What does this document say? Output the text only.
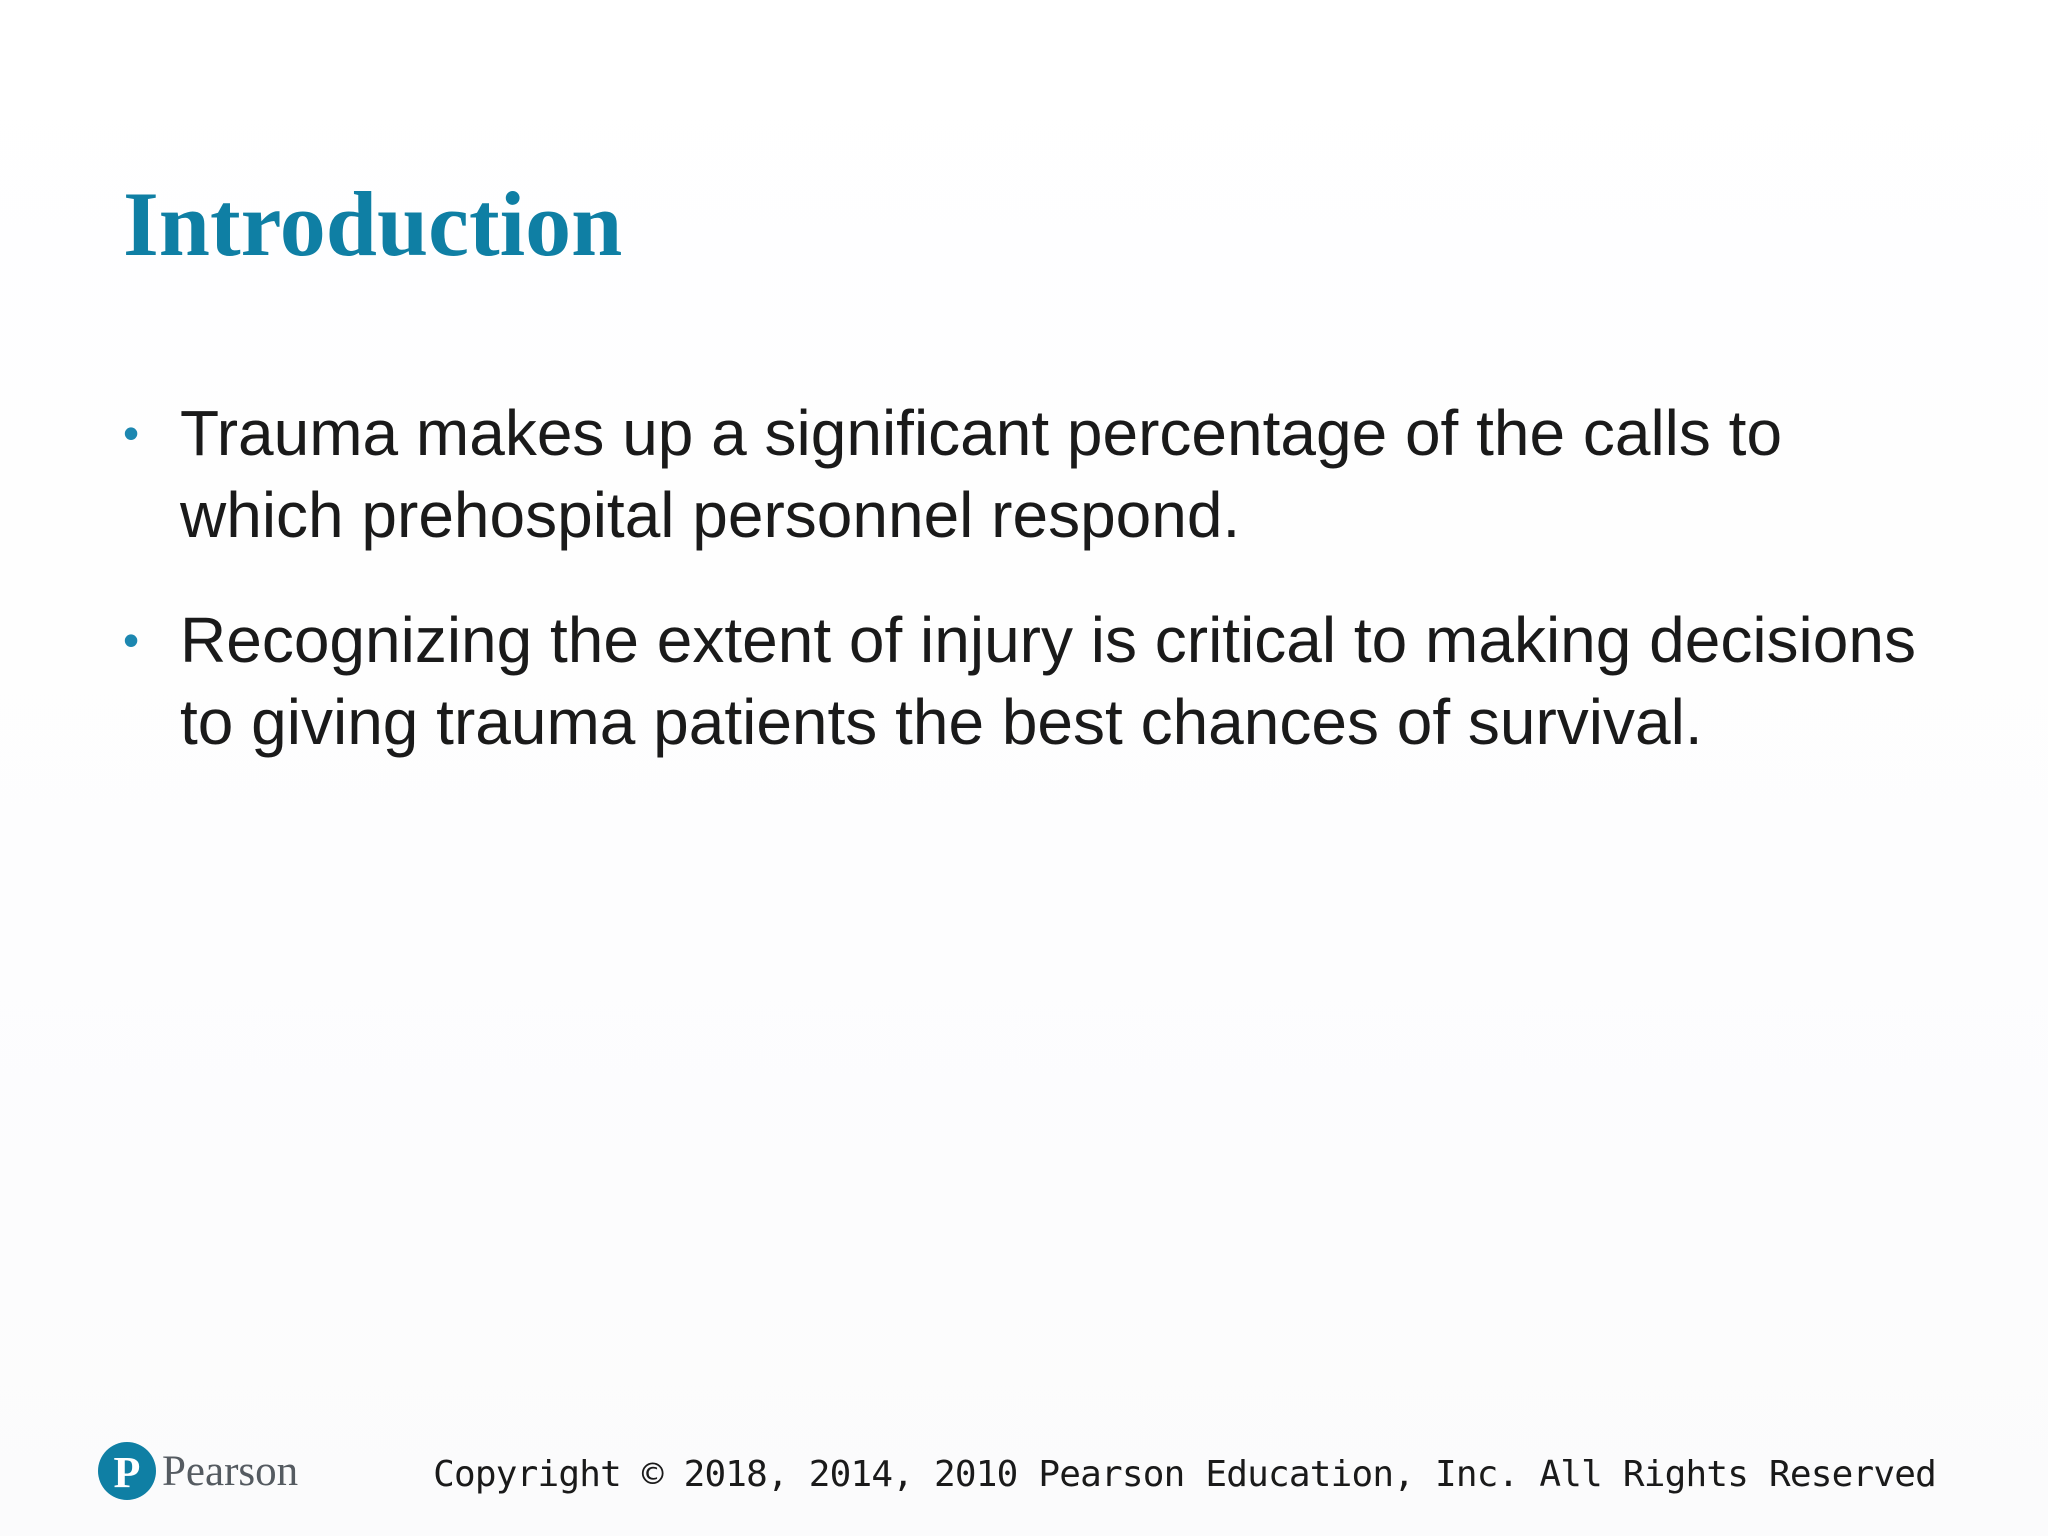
Introduction
• Trauma makes up a significant percentage of the calls to which prehospital personnel respond.
• Recognizing the extent of injury is critical to making decisions to giving trauma patients the best chances of survival.
P Pearson	Copyright © 2018, 2014, 2010 Pearson Education, Inc. All Rights Reserved
